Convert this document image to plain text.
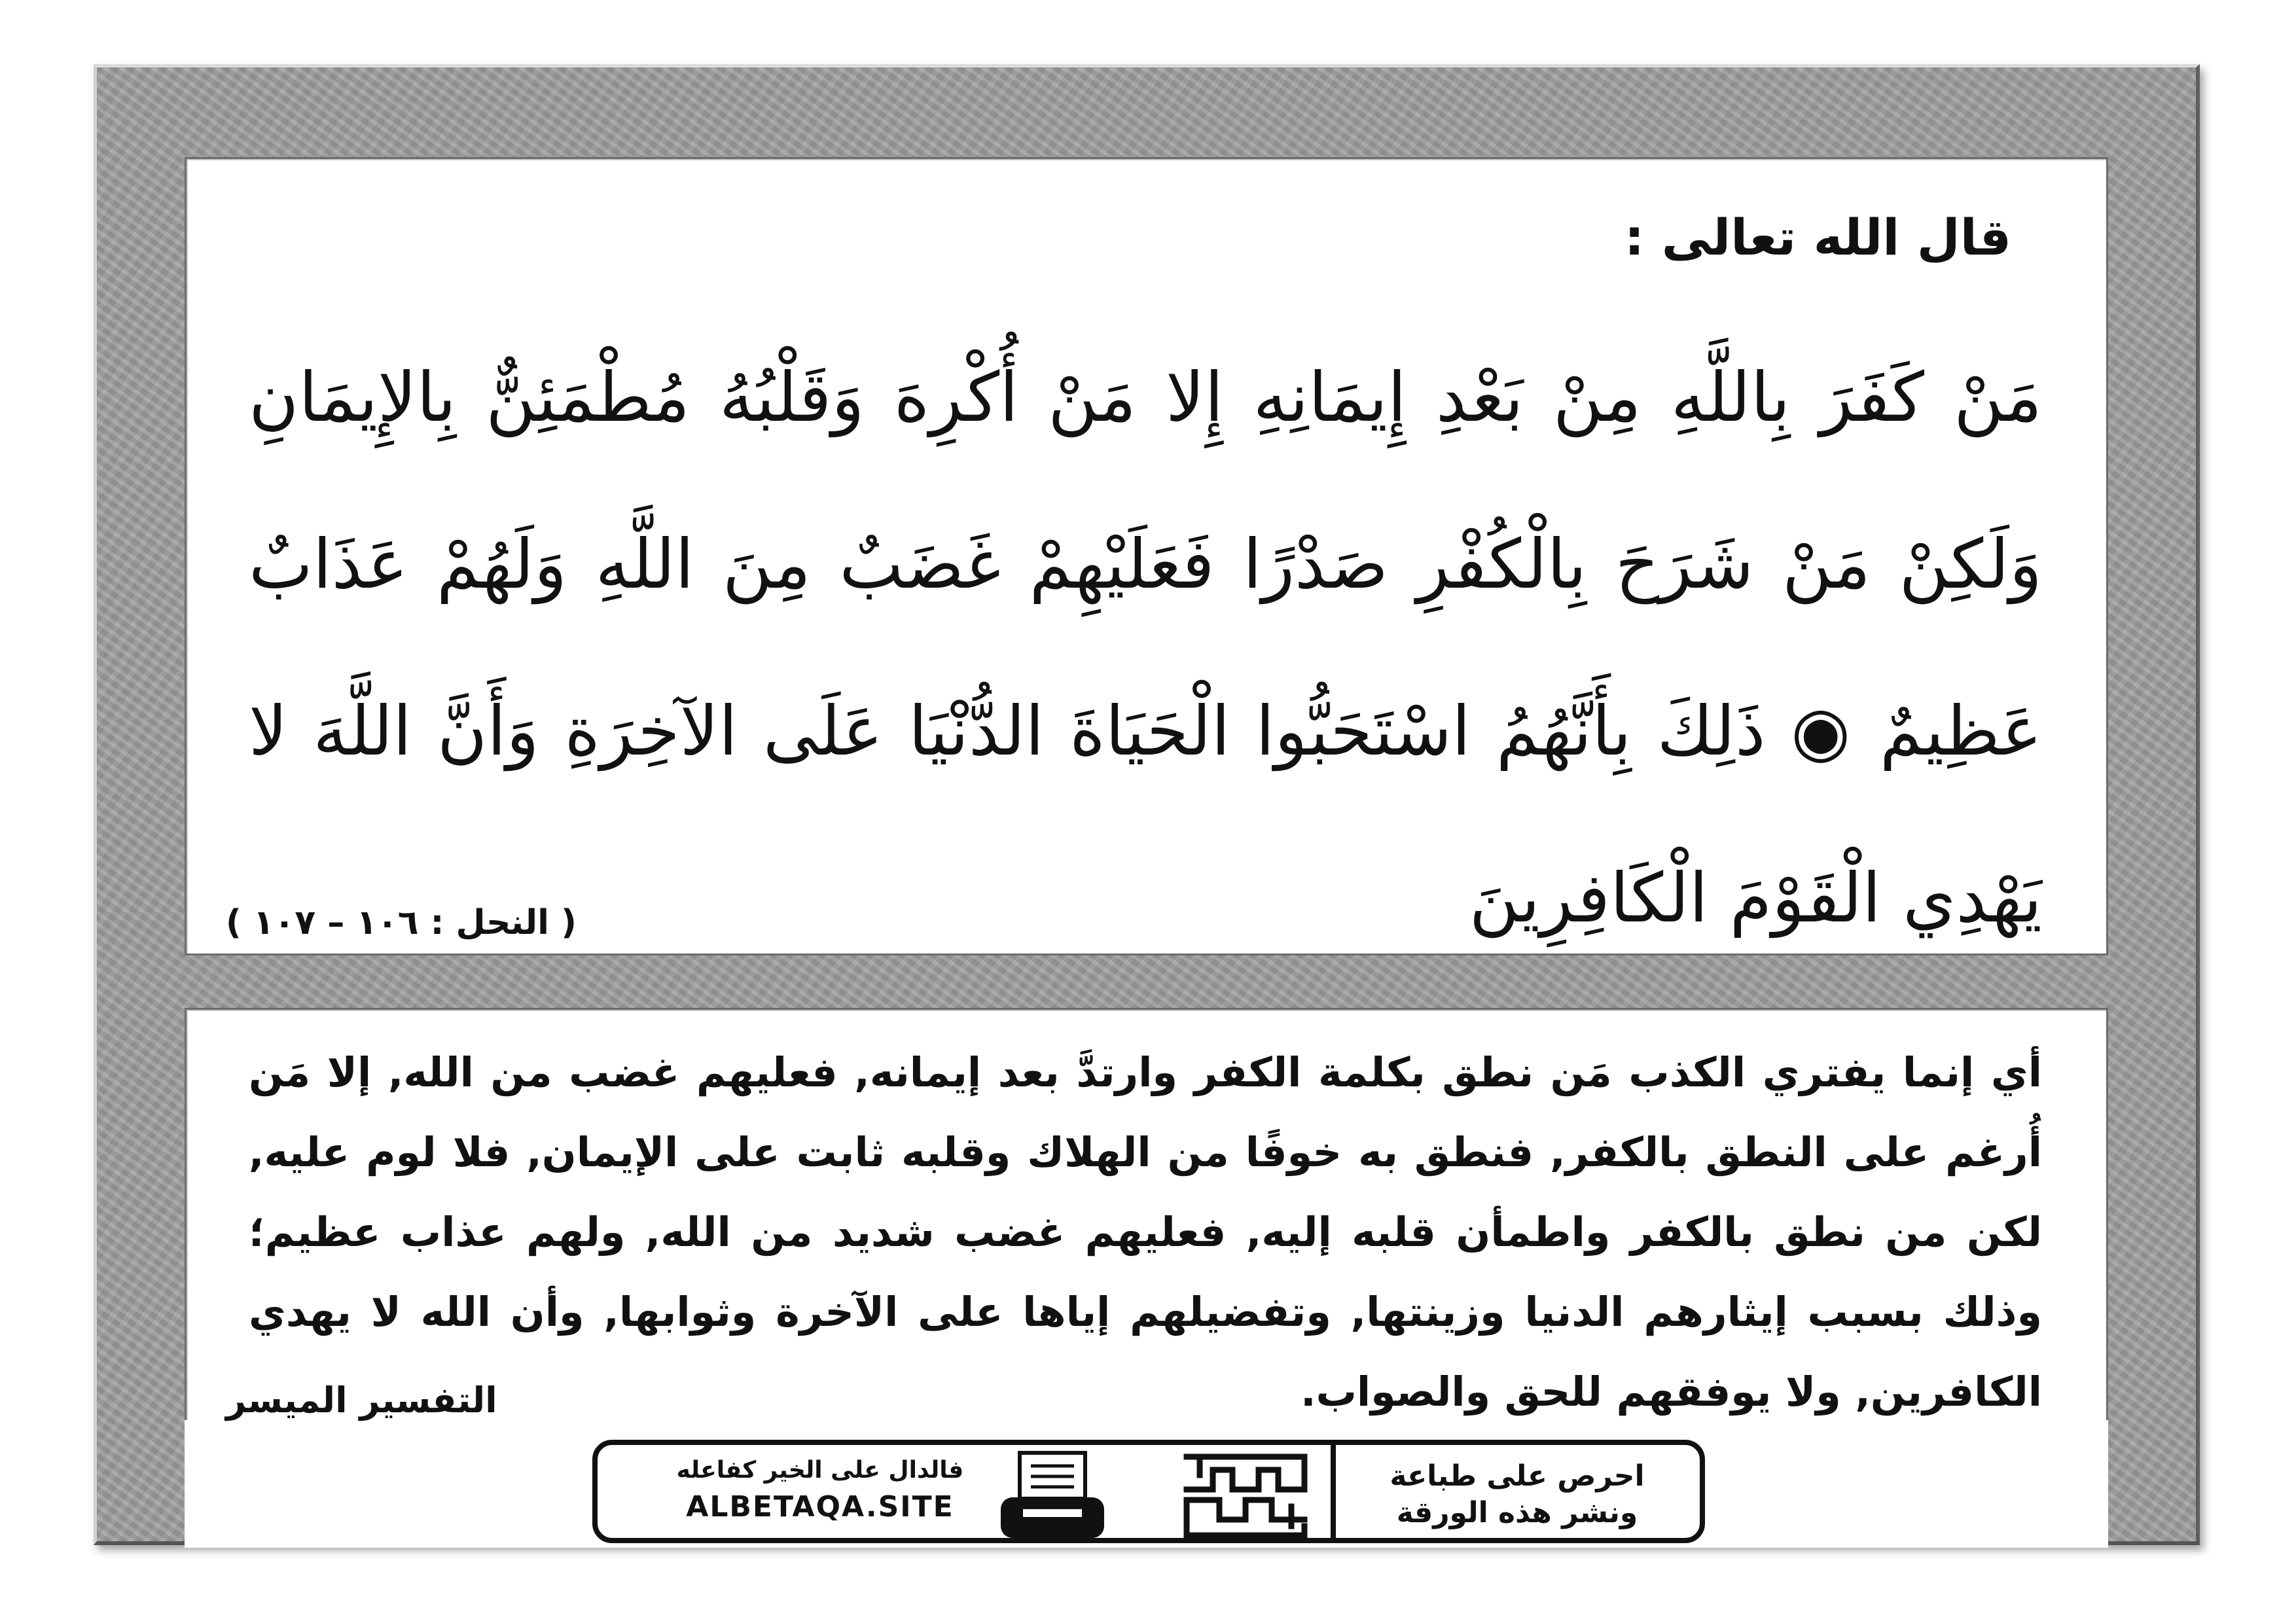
قال الله تعالى :

مَنْ كَفَرَ بِاللَّهِ مِنْ بَعْدِ إِيمَانِهِ إِلا مَنْ أُكْرِهَ وَقَلْبُهُ مُطْمَئِنٌّ بِالإِيمَانِ وَلَكِنْ مَنْ شَرَحَ بِالْكُفْرِ صَدْرًا فَعَلَيْهِمْ غَضَبٌ مِنَ اللَّهِ وَلَهُمْ عَذَابٌ عَظِيمٌ ◉ ذَلِكَ بِأَنَّهُمُ اسْتَحَبُّوا الْحَيَاةَ الدُّنْيَا عَلَى الآخِرَةِ وَأَنَّ اللَّهَ لا يَهْدِي الْقَوْمَ الْكَافِرِينَ

( النحل : ١٠٦ – ١٠٧ )

أي إنما يفتري الكذب مَن نطق بكلمة الكفر وارتدَّ بعد إيمانه, فعليهم غضب من الله, إلا مَن أُرغم على النطق بالكفر, فنطق به خوفًا من الهلاك وقلبه ثابت على الإيمان, فلا لوم عليه, لكن من نطق بالكفر واطمأن قلبه إليه, فعليهم غضب شديد من الله, ولهم عذاب عظيم؛ وذلك بسبب إيثارهم الدنيا وزينتها, وتفضيلهم إياها على الآخرة وثوابها, وأن الله لا يهدي الكافرين, ولا يوفقهم للحق والصواب.

التفسير الميسر

فالدال على الخير كفاعله
ALBETAQA.SITE
احرص على طباعة
ونشر هذه الورقة
